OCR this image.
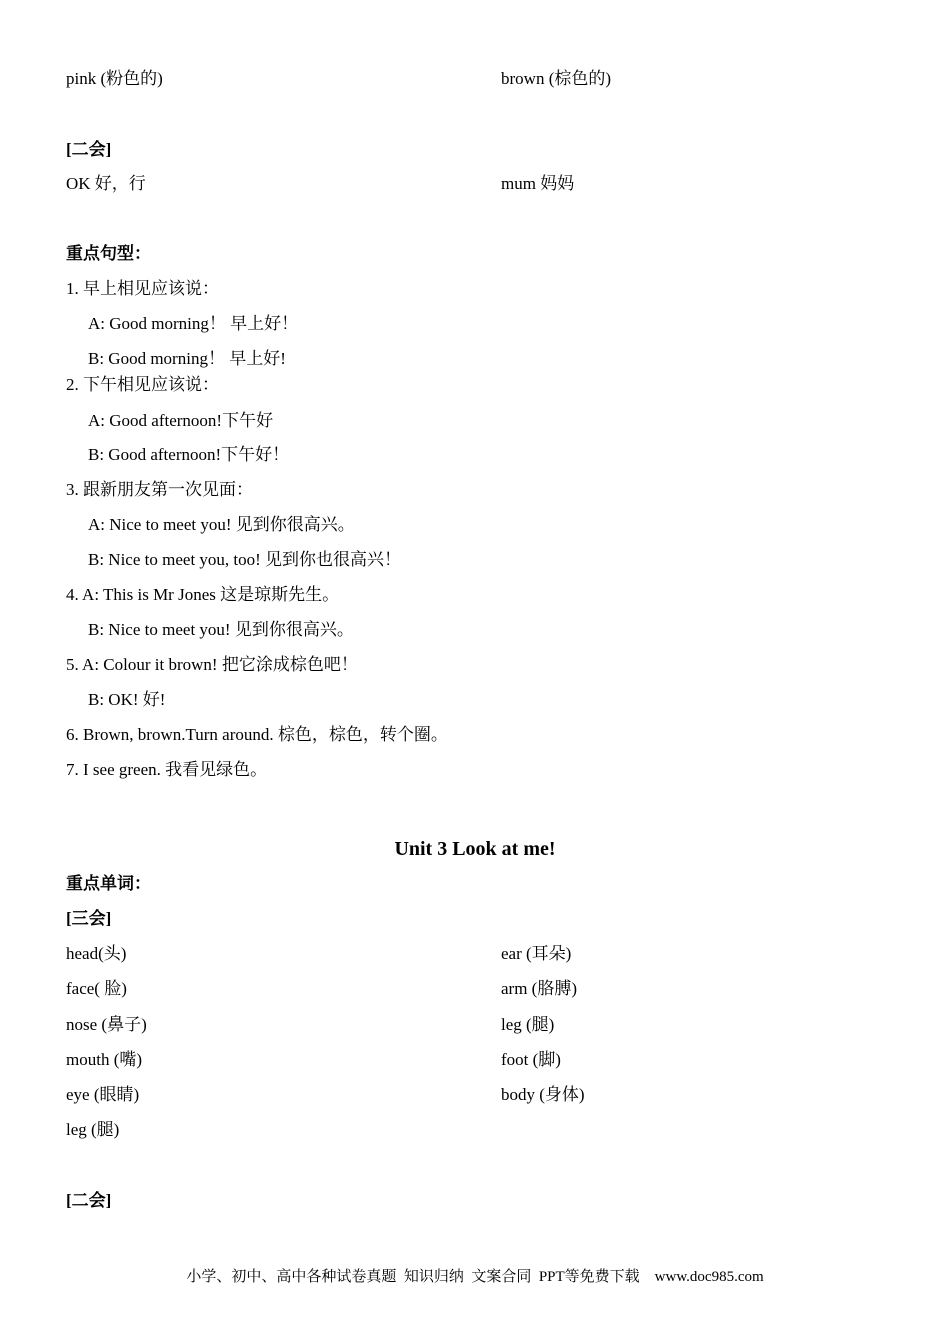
pink (粉色的)	brown (棕色的)
[二会]
OK 好，行	mum 妈妈
重点句型：
1. 早上相见应该说：
A: Good morning！ 早上好！
B: Good morning！ 早上好!
2. 下午相见应该说：
A: Good afternoon!下午好
B: Good afternoon!下午好！
3. 跟新朋友第一次见面：
A: Nice to meet you! 见到你很高兴。
B: Nice to meet you, too! 见到你也很高兴！
4. A: This is Mr Jones 这是琼斯先生。
B: Nice to meet you! 见到你很高兴。
5. A: Colour it brown! 把它涂成棕色吧！
B: OK! 好!
6. Brown, brown.Turn around. 棕色，棕色，转个圈。
7. I see green. 我看见绿色。
Unit 3 Look at me!
重点单词：
[三会]
head(头)	ear (耳朵)
face( 脸)	arm (胳膊)
nose (鼻子)	leg (腿)
mouth (嘴)	foot (脚)
eye (眼睛)	body (身体)
leg (腿)
[二会]
小学、初中、高中各种试卷真题  知识归纳  文案合同  PPT等免费下载    www.doc985.com
